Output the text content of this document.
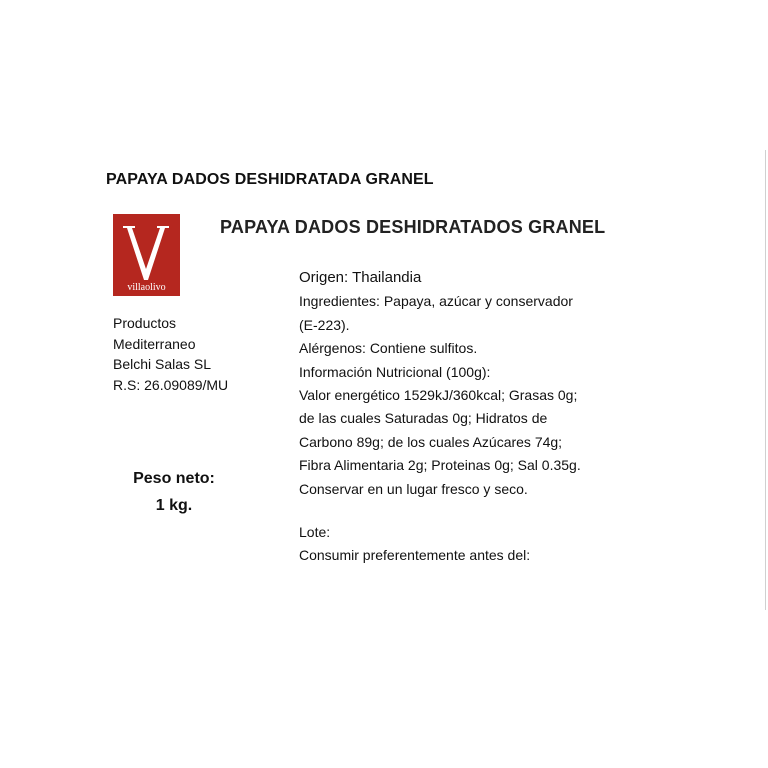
PAPAYA DADOS DESHIDRATADA GRANEL
villaolivo
Productos
Mediterraneo
Belchi Salas SL
R.S: 26.09089/MU
Peso neto:
1 kg.
PAPAYA DADOS DESHIDRATADOS GRANEL
Origen: Thailandia
Ingredientes: Papaya, azúcar y conservador
(E-223).
Alérgenos: Contiene sulfitos.
Información Nutricional (100g):
Valor energético 1529kJ/360kcal; Grasas 0g;
de las cuales Saturadas 0g; Hidratos de
Carbono 89g; de los cuales Azúcares 74g;
Fibra Alimentaria 2g; Proteinas 0g; Sal 0.35g.
Conservar en un lugar fresco y seco.
Lote:
Consumir preferentemente antes del:
